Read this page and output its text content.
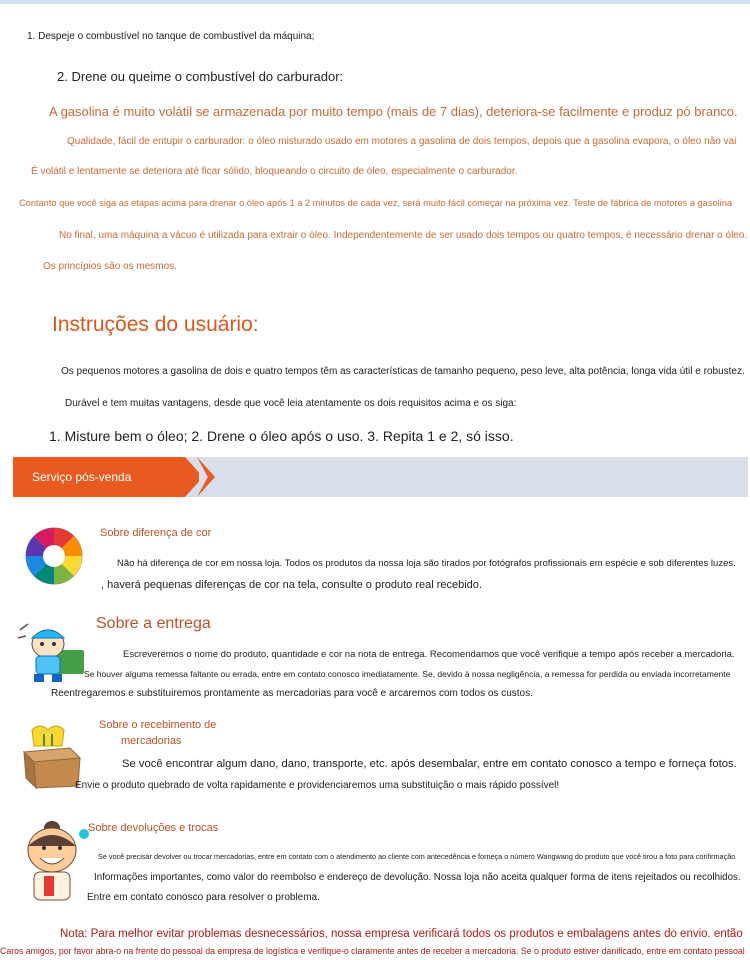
1. Despeje o combustível no tanque de combustível da máquina;

2. Drene ou queime o combustível do carburador:

A gasolina é muito volátil se armazenada por muito tempo (mais de 7 dias), deteriora-se facilmente e produz pó branco.

Qualidade, fácil de entupir o carburador: o óleo misturado usado em motores a gasolina de dois tempos, depois que a gasolina evapora, o óleo não vai

É volátil e lentamente se deteriora até ficar sólido, bloqueando o circuito de óleo, especialmente o carburador.

Contanto que você siga as etapas acima para drenar o óleo após 1 a 2 minutos de cada vez, será muito fácil começar na próxima vez. Teste de fábrica de motores a gasolina

No final, uma máquina a vácuo é utilizada para extrair o óleo. Independentemente de ser usado dois tempos ou quatro tempos, é necessário drenar o óleo.

Os princípios são os mesmos.

Instruções do usuário:

Os pequenos motores a gasolina de dois e quatro tempos têm as características de tamanho pequeno, peso leve, alta potência, longa vida útil e robustez.

Durável e tem muitas vantagens, desde que você leia atentamente os dois requisitos acima e os siga:

1. Misture bem o óleo; 2. Drene o óleo após o uso. 3. Repita 1 e 2, só isso.

Serviço pós-venda

Sobre diferença de cor

Não há diferença de cor em nossa loja. Todos os produtos da nossa loja são tirados por fotógrafos profissionais em espécie e sob diferentes luzes.

, haverá pequenas diferenças de cor na tela, consulte o produto real recebido.

Sobre a entrega

Escreveremos o nome do produto, quantidade e cor na nota de entrega. Recomendamos que você verifique a tempo após receber a mercadoria.

Se houver alguma remessa faltante ou errada, entre em contato conosco imediatamente. Se, devido à nossa negligência, a remessa for perdida ou enviada incorretamente

Reentregaremos e substituiremos prontamente as mercadorias para você e arcaremos com todos os custos.

Sobre o recebimento de

mercadorias

Se você encontrar algum dano, dano, transporte, etc. após desembalar, entre em contato conosco a tempo e forneça fotos.

Envie o produto quebrado de volta rapidamente e providenciaremos uma substituição o mais rápido possível!

Sobre devoluções e trocas

Se você precisar devolver ou trocar mercadorias, entre em contato com o atendimento ao cliente com antecedência e forneça o número Wangwang do produto que você tirou a foto para confirmação

Informações importantes, como valor do reembolso e endereço de devolução. Nossa loja não aceita qualquer forma de itens rejeitados ou recolhidos.

Entre em contato conosco para resolver o problema.

Nota: Para melhor evitar problemas desnecessários, nossa empresa verificará todos os produtos e embalagens antes do envio. então

Caros amigos, por favor abra-o na frente do pessoal da empresa de logística e verifique-o claramente antes de receber a mercadoria. Se o produto estiver danificado, entre em contato pessoal
